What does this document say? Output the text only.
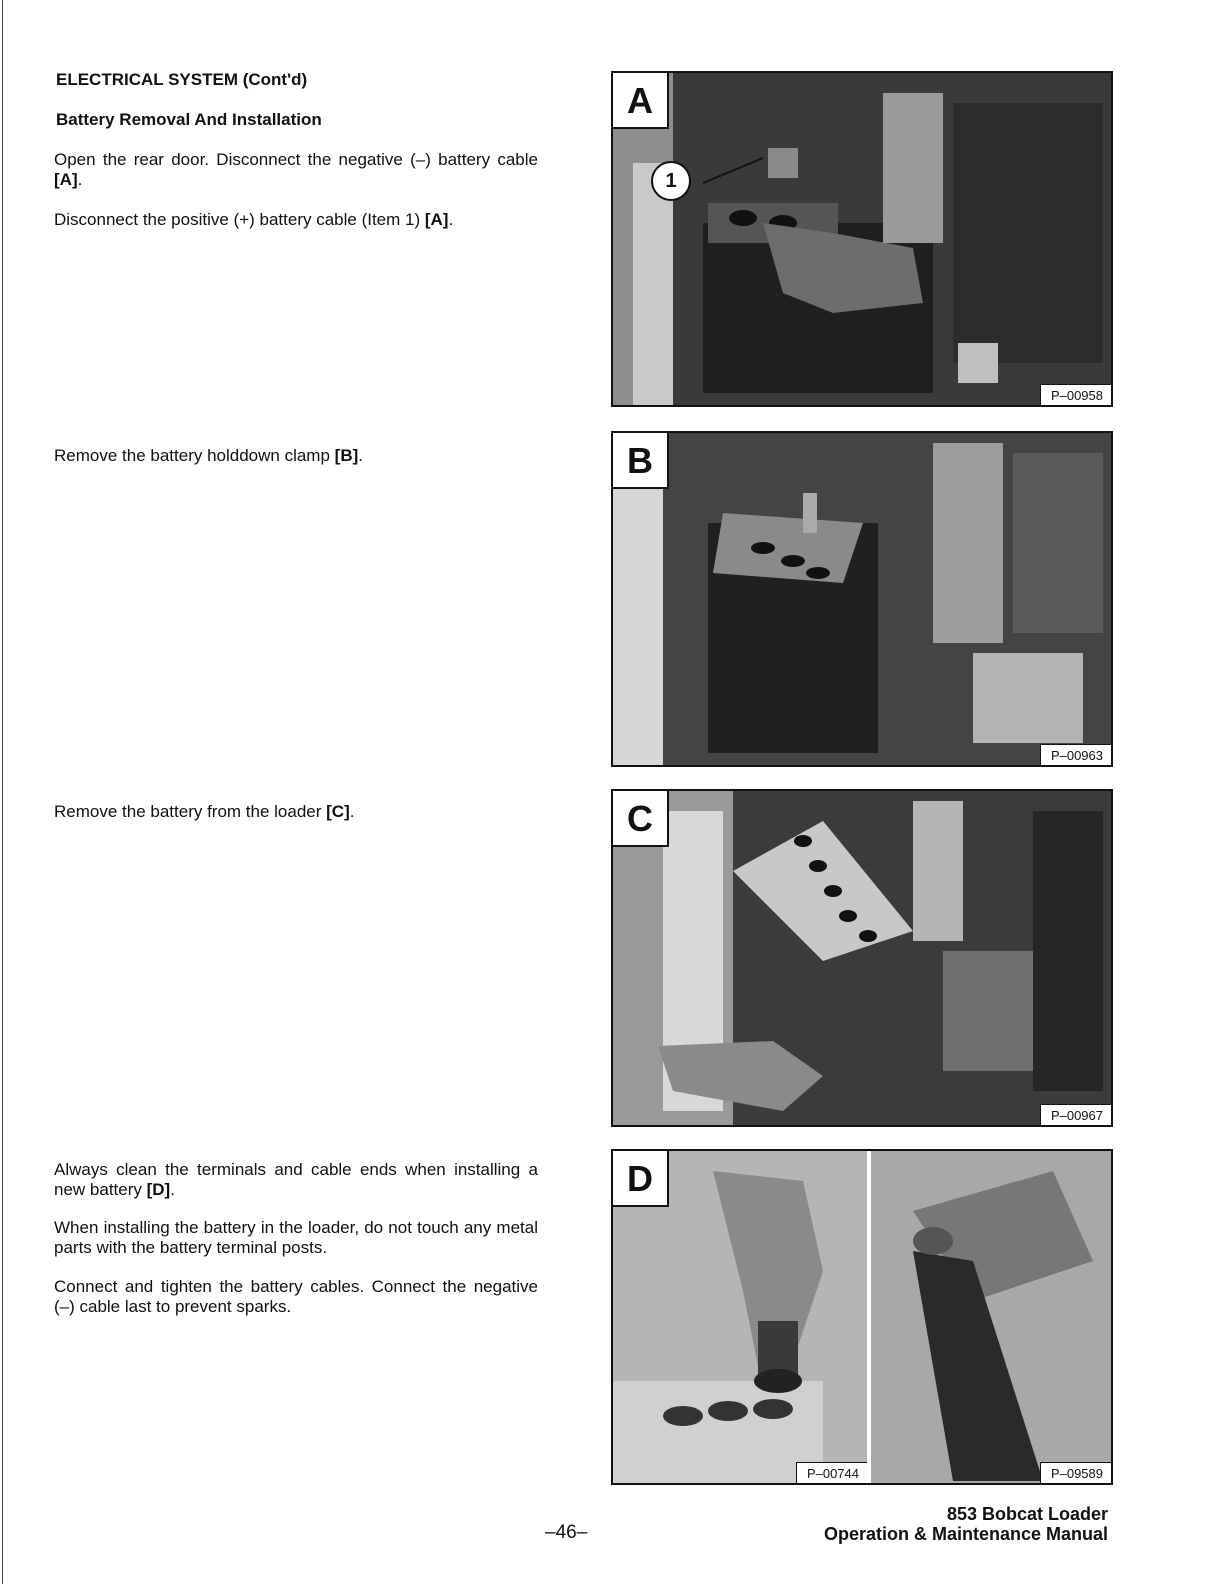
ELECTRICAL SYSTEM (Cont'd)
Battery Removal And Installation
Open the rear door. Disconnect the negative (–) battery cable [A].
Disconnect the positive (+) battery cable (Item 1) [A].
Remove the battery holddown clamp [B].
Remove the battery from the loader [C].
Always clean the terminals and cable ends when installing a new battery [D].
When installing the battery in the loader, do not touch any metal parts with the battery terminal posts.
Connect and tighten the battery cables. Connect the negative (–) cable last to prevent sparks.
A
1
P–00958
B
P–00963
C
P–00967
D
P–00744	P–09589
–46–
853 Bobcat Loader
Operation & Maintenance Manual
